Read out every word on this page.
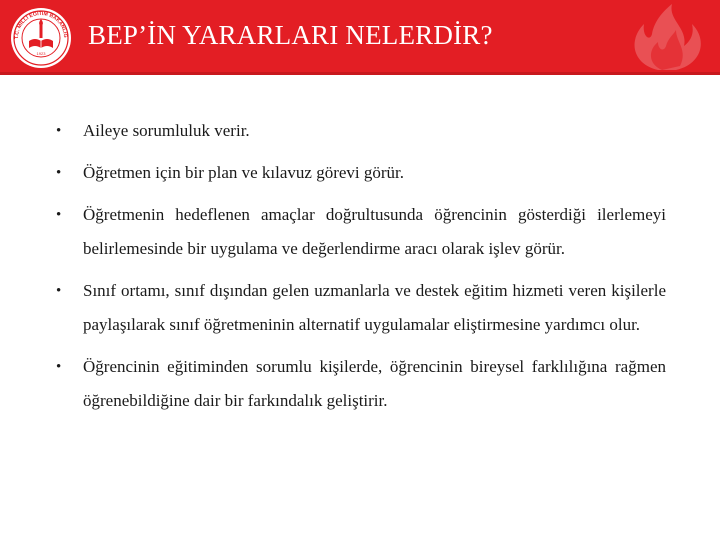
T.C. MİLLÎ EĞİTİM BAKANLIĞ
1923
BEP’İN YARARLARI NELERDİR?
• Aileye sorumluluk verir.
• Öğretmen için bir plan ve kılavuz görevi görür.
• Öğretmenin hedeflenen amaçlar doğrultusunda öğrencinin gösterdiği ilerlemeyi belirlemesinde bir uygulama ve değerlendirme aracı olarak işlev görür.
• Sınıf ortamı, sınıf dışından gelen uzmanlarla ve destek eğitim hizmeti veren kişilerle paylaşılarak sınıf öğretmeninin alternatif uygulamalar eliştirmesine yardımcı olur.
• Öğrencinin eğitiminden sorumlu kişilerde, öğrencinin bireysel farklılığına rağmen öğrenebildiğine dair bir farkındalık geliştirir.
